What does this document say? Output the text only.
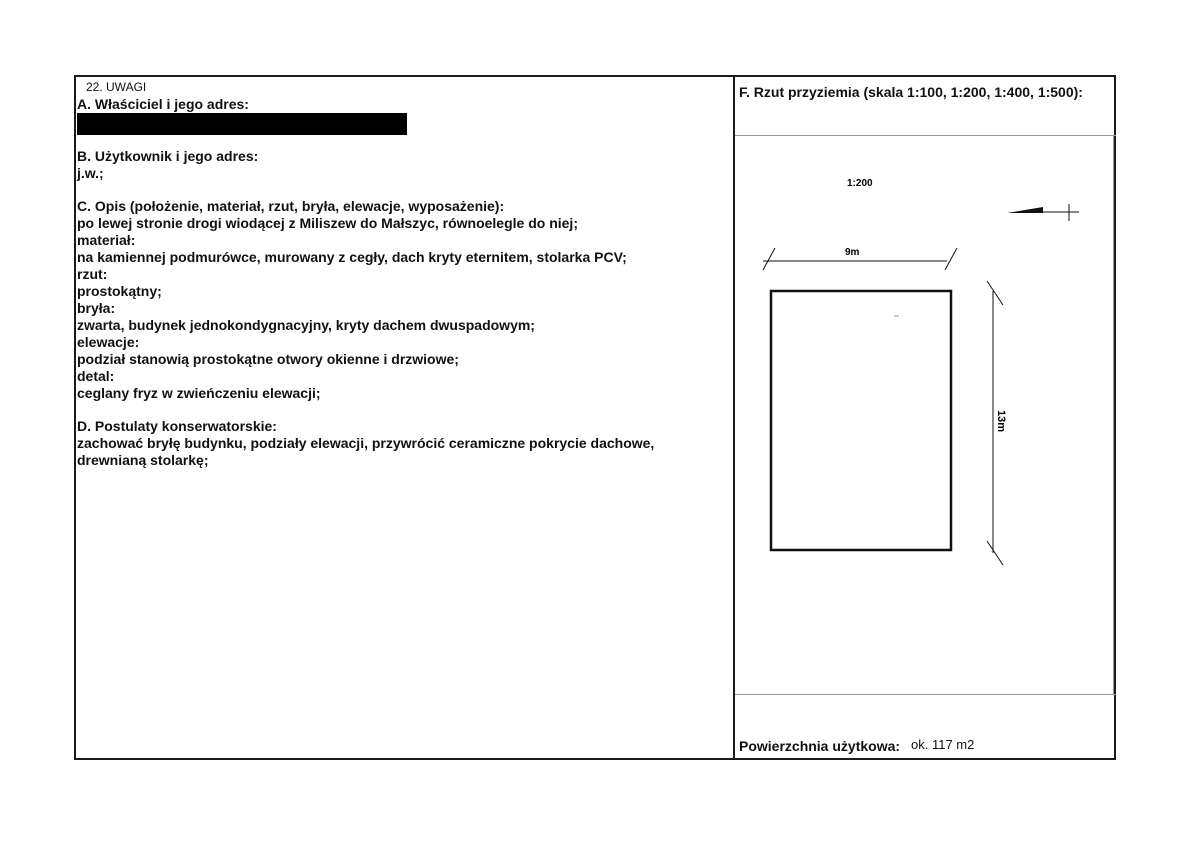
22. UWAGI
A. Właściciel i jego adres:
B. Użytkownik i jego adres:
j.w.;
C. Opis (położenie, materiał, rzut, bryła, elewacje, wyposażenie):
po lewej stronie drogi wiodącej z Miliszew do Małszyc, równoelegle do niej;
materiał:
na kamiennej podmurówce, murowany z cegły, dach kryty eternitem, stolarka PCV;
rzut:
prostokątny;
bryła:
zwarta, budynek jednokondygnacyjny, kryty dachem dwuspadowym;
elewacje:
podział stanowią prostokątne otwory okienne i drzwiowe;
detal:
ceglany fryz w zwieńczeniu elewacji;
D. Postulaty konserwatorskie:
zachować bryłę budynku, podziały elewacji, przywrócić ceramiczne pokrycie dachowe,
drewnianą stolarkę;
F. Rzut przyziemia (skala 1:100, 1:200, 1:400, 1:500):
1:200
9m
13m
Powierzchnia użytkowa: ok. 117 m2
